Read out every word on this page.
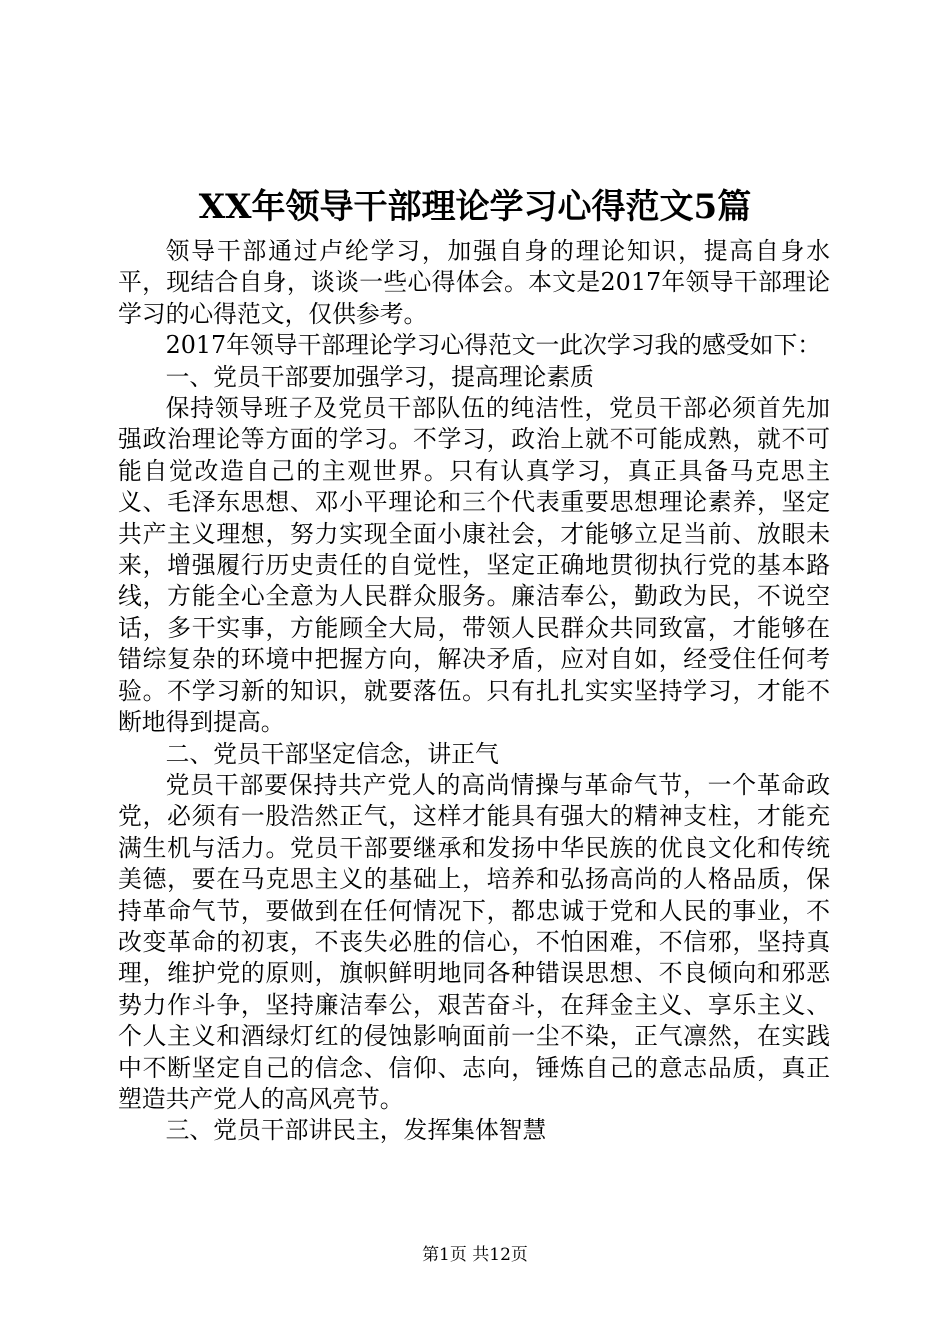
XX年领导干部理论学习心得范文5篇

领导干部通过卢纶学习，加强自身的理论知识，提高自身水平，现结合自身，谈谈一些心得体会。本文是2017年领导干部理论学习的心得范文，仅供参考。

2017年领导干部理论学习心得范文一此次学习我的感受如下：

一、党员干部要加强学习，提高理论素质

保持领导班子及党员干部队伍的纯洁性，党员干部必须首先加强政治理论等方面的学习。不学习，政治上就不可能成熟，就不可能自觉改造自己的主观世界。只有认真学习，真正具备马克思主义、毛泽东思想、邓小平理论和三个代表重要思想理论素养，坚定共产主义理想，努力实现全面小康社会，才能够立足当前、放眼未来，增强履行历史责任的自觉性，坚定正确地贯彻执行党的基本路线，方能全心全意为人民群众服务。廉洁奉公，勤政为民，不说空话，多干实事，方能顾全大局，带领人民群众共同致富，才能够在错综复杂的环境中把握方向，解决矛盾，应对自如，经受住任何考验。不学习新的知识，就要落伍。只有扎扎实实坚持学习，才能不断地得到提高。

二、党员干部坚定信念，讲正气

党员干部要保持共产党人的高尚情操与革命气节，一个革命政党，必须有一股浩然正气，这样才能具有强大的精神支柱，才能充满生机与活力。党员干部要继承和发扬中华民族的优良文化和传统美德，要在马克思主义的基础上，培养和弘扬高尚的人格品质，保持革命气节，要做到在任何情况下，都忠诚于党和人民的事业，不改变革命的初衷，不丧失必胜的信心，不怕困难，不信邪，坚持真理，维护党的原则，旗帜鲜明地同各种错误思想、不良倾向和邪恶势力作斗争，坚持廉洁奉公，艰苦奋斗，在拜金主义、享乐主义、个人主义和酒绿灯红的侵蚀影响面前一尘不染，正气凛然，在实践中不断坚定自己的信念、信仰、志向，锤炼自己的意志品质，真正塑造共产党人的高风亮节。

三、党员干部讲民主，发挥集体智慧

第1页 共12页
